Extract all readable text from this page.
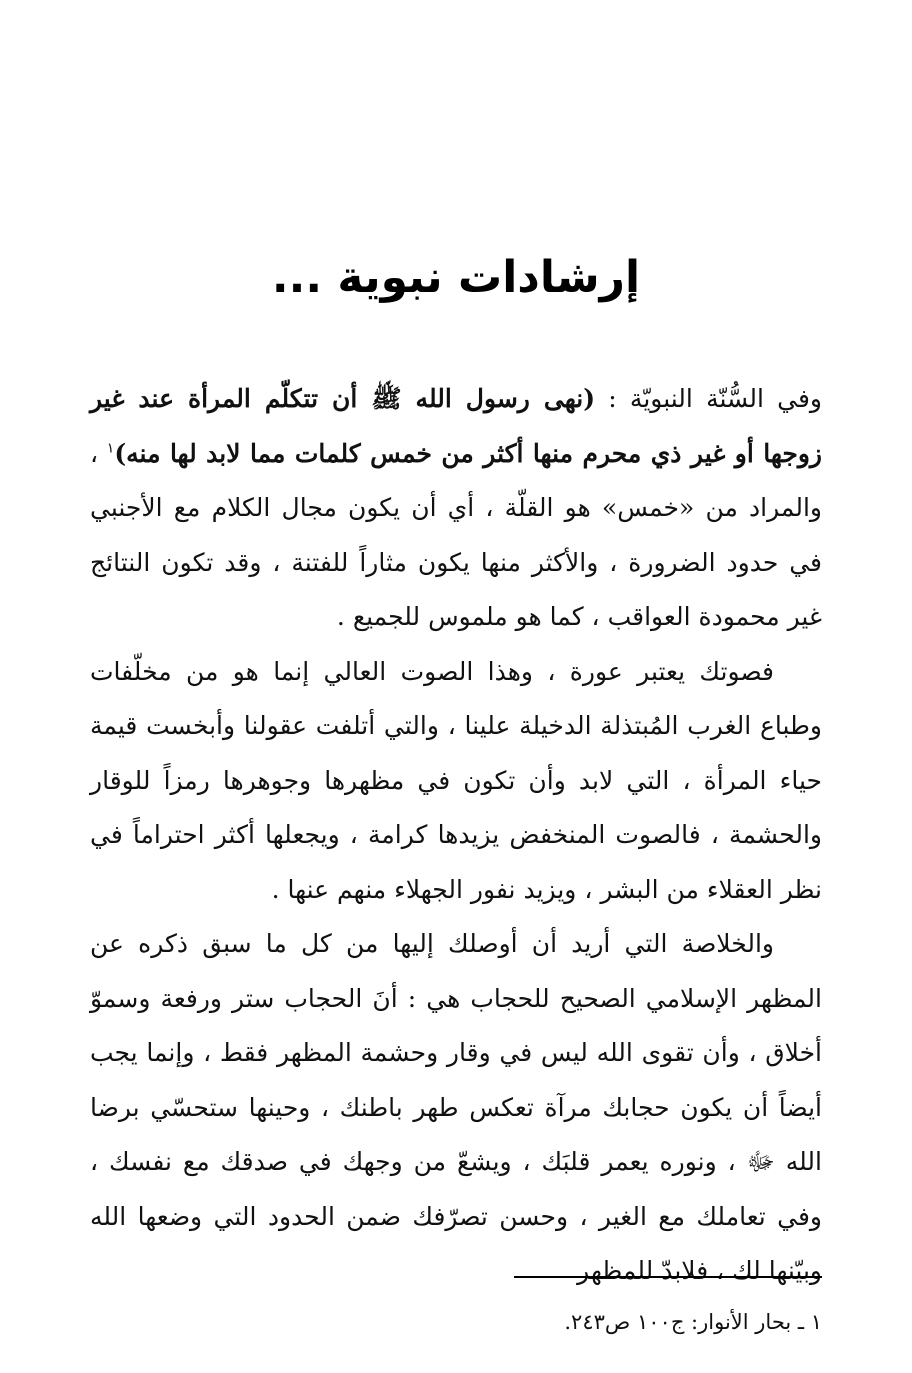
إرشادات نبوية ...

وفي السُّنّة النبويّة : (نهى رسول الله ﷺ أن تتكلّم المرأة عند غير زوجها أو غير ذي محرم منها أكثر من خمس كلمات مما لابد لها منه)$^١$ ، والمراد من «خمس» هو القلّة ، أي أن يكون مجال الكلام مع الأجنبي في حدود الضرورة ، والأكثر منها يكون مثاراً للفتنة ، وقد تكون النتائج غير محمودة العواقب ، كما هو ملموس للجميع .

فصوتك يعتبر عورة ، وهذا الصوت العالي إنما هو من مخلّفات وطباع الغرب المُبتذلة الدخيلة علينا ، والتي أتلفت عقولنا وأبخست قيمة حياء المرأة ، التي لابد وأن تكون في مظهرها وجوهرها رمزاً للوقار والحشمة ، فالصوت المنخفض يزيدها كرامة ، ويجعلها أكثر احتراماً في نظر العقلاء من البشر ، ويزيد نفور الجهلاء منهم عنها .

والخلاصة التي أريد أن أوصلك إليها من كل ما سبق ذكره عن المظهر الإسلامي الصحيح للحجاب هي : أنَ الحجاب ستر ورفعة وسموّ أخلاق ، وأن تقوى الله ليس في وقار وحشمة المظهر فقط ، وإنما يجب أيضاً أن يكون حجابك مرآة تعكس طهر باطنك ، وحينها ستحسّي برضا الله ﷻ ، ونوره يعمر قلبَك ، ويشعّ من وجهك في صدقك مع نفسك ، وفي تعاملك مع الغير ، وحسن تصرّفك ضمن الحدود التي وضعها الله وبيّنها لك ، فلابدّ للمظهر

١ ـ بحار الأنوار: ج١٠٠ ص٢٤٣.
